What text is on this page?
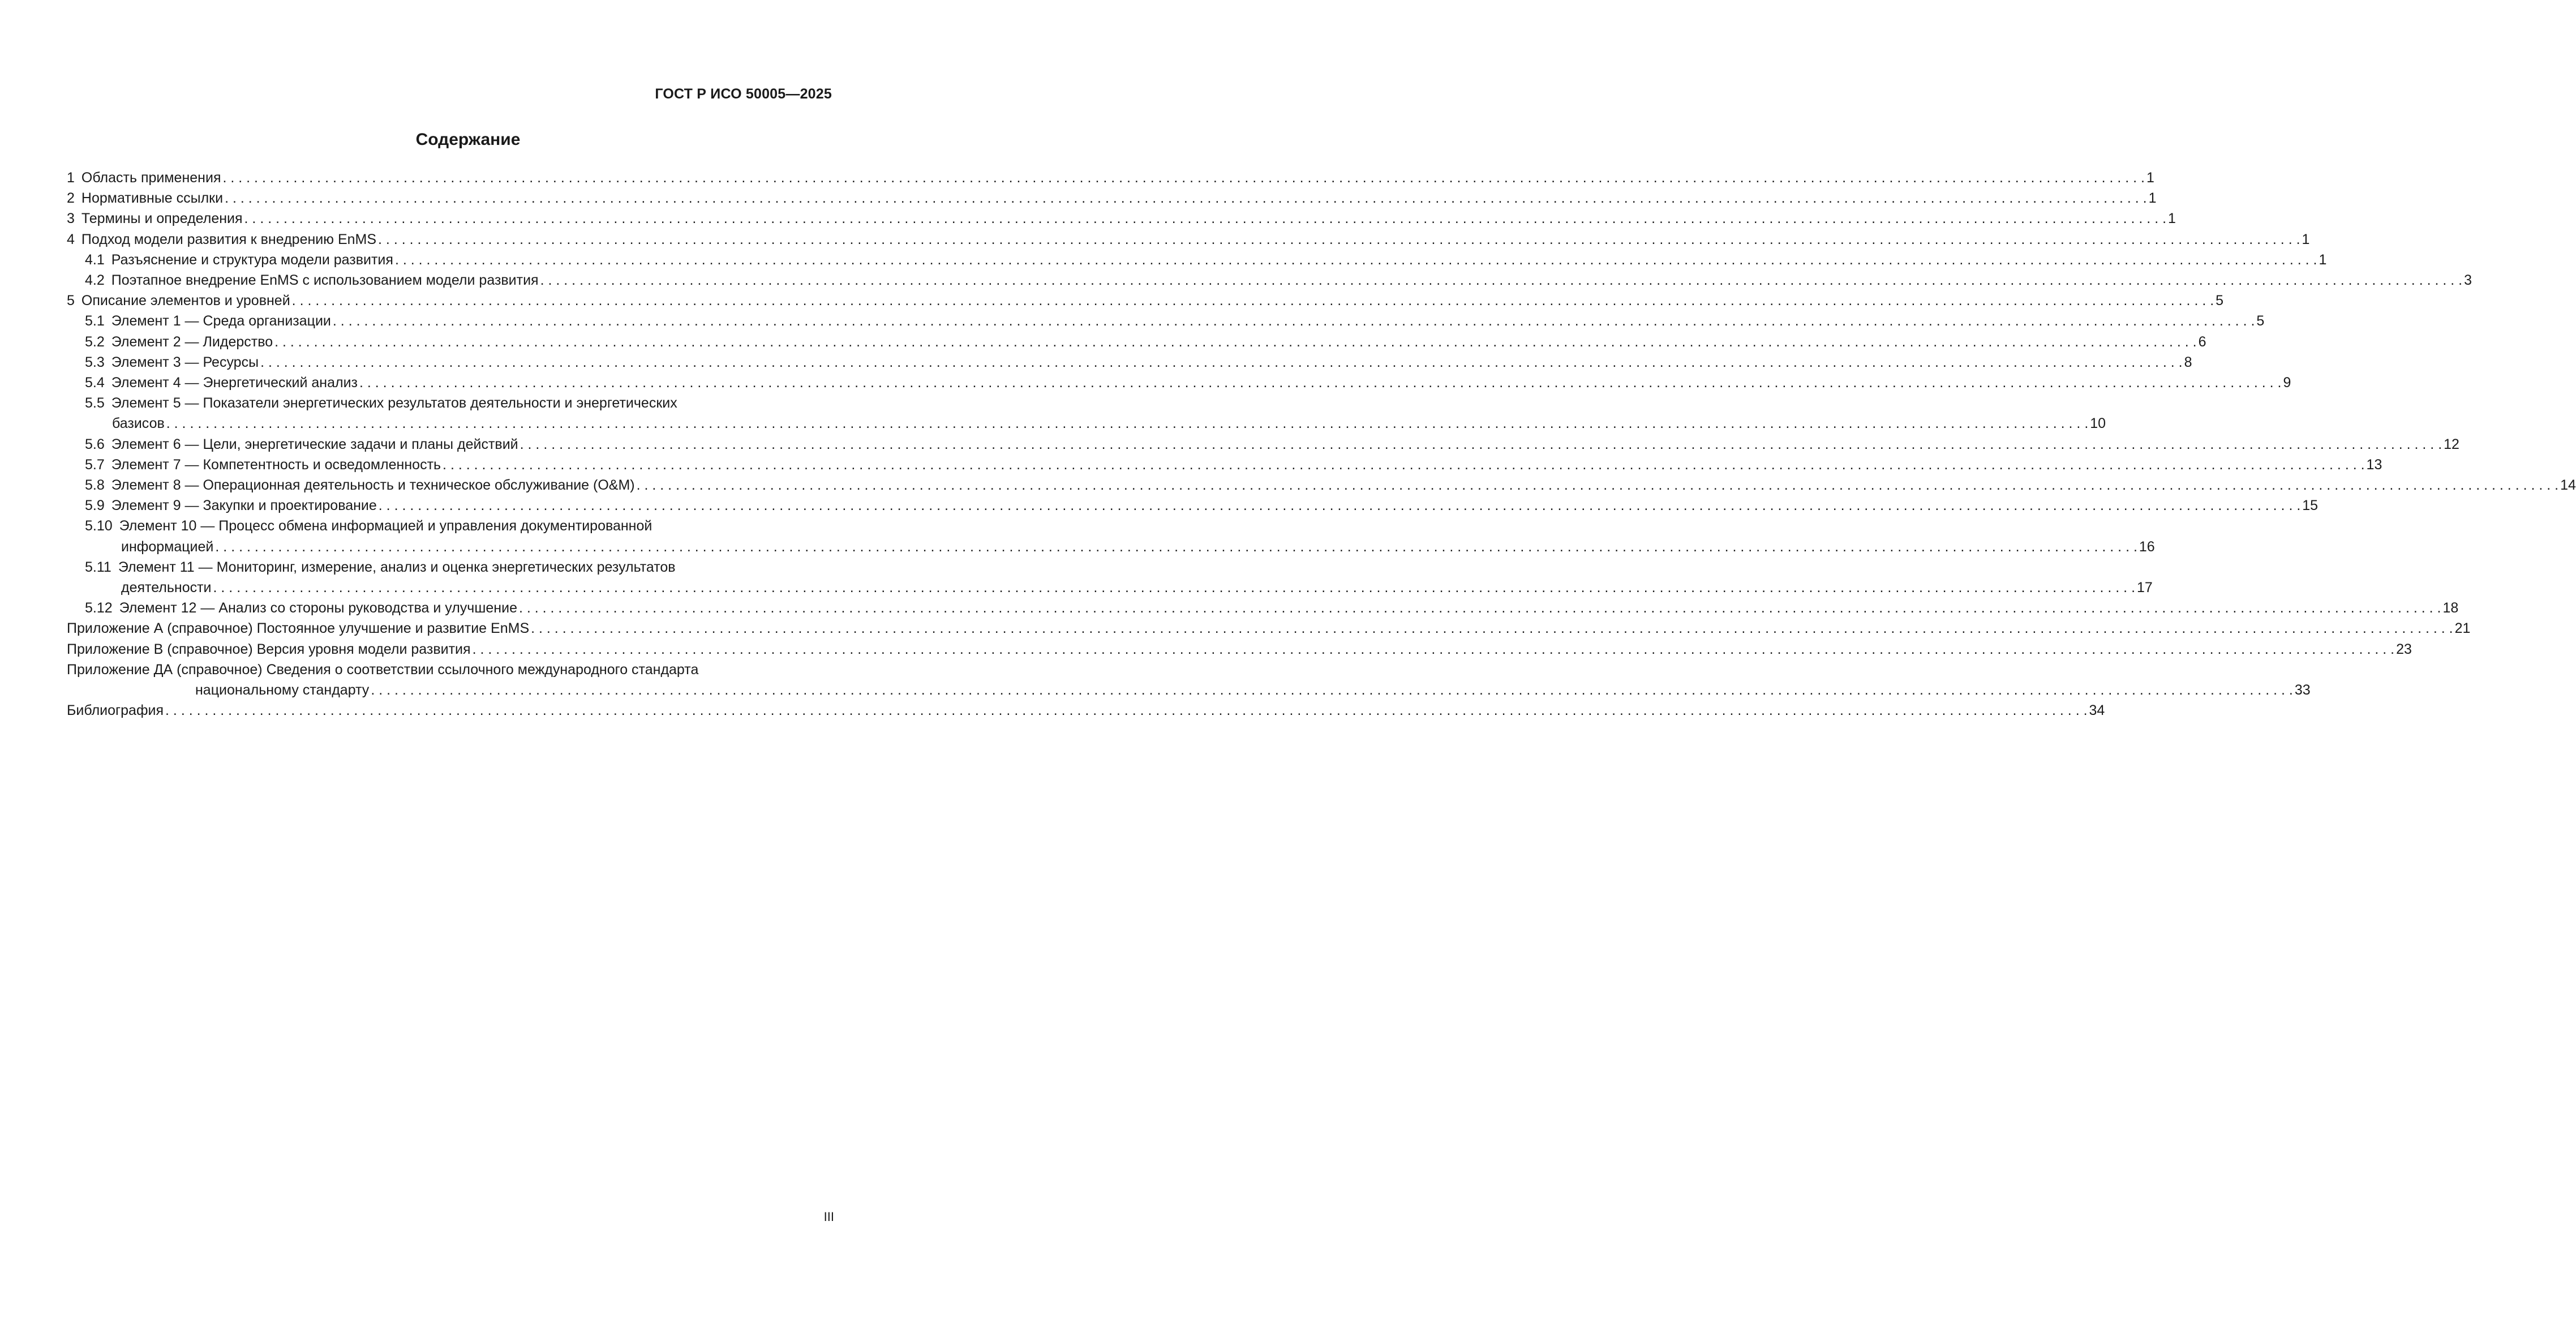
ГОСТ Р ИСО 50005—2025
Содержание
1 Область применения . . .	1
2 Нормативные ссылки . . .	1
3 Термины и определения . . .	1
4 Подход модели развития к внедрению EnMS . . .	1
4.1 Разъяснение и структура модели развития . . .	1
4.2 Поэтапное внедрение EnMS с использованием модели развития . . .	3
5 Описание элементов и уровней . . .	5
5.1 Элемент 1 — Среда организации . . .	5
5.2 Элемент 2 — Лидерство . . .	6
5.3 Элемент 3 — Ресурсы . . .	8
5.4 Элемент 4 — Энергетический анализ . . .	9
5.5 Элемент 5 — Показатели энергетических результатов деятельности и энергетических
базисов . . .	10
5.6 Элемент 6 — Цели, энергетические задачи и планы действий . . .	12
5.7 Элемент 7 — Компетентность и осведомленность . . .	13
5.8 Элемент 8 — Операционная деятельность и техническое обслуживание (O&M) . . .	14
5.9 Элемент 9 — Закупки и проектирование . . .	15
5.10 Элемент 10 — Процесс обмена информацией и управления документированной
информацией . . .	16
5.11 Элемент 11 — Мониторинг, измерение, анализ и оценка энергетических результатов
деятельности . . .	17
5.12 Элемент 12 — Анализ со стороны руководства и улучшение . . .	18
Приложение А (справочное) Постоянное улучшение и развитие EnMS . . .	21
Приложение В (справочное) Версия уровня модели развития . . .	23
Приложение ДА (справочное) Сведения о соответствии ссылочного международного стандарта
национальному стандарту . . .	33
Библиография . . .	34
III
